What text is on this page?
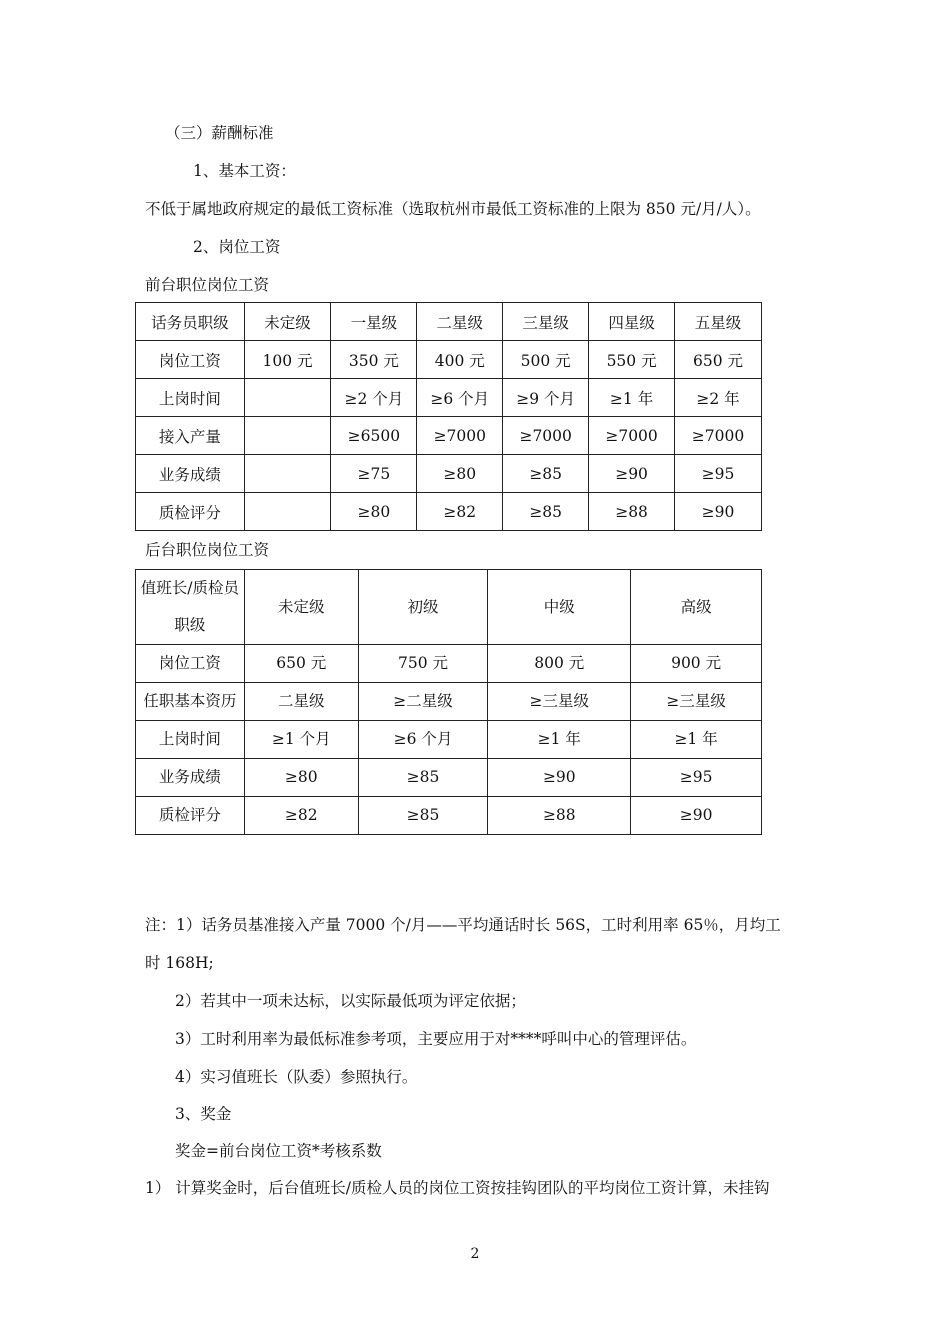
（三）薪酬标准
1、基本工资：
不低于属地政府规定的最低工资标准（选取杭州市最低工资标准的上限为 850 元/月/人）。
2、岗位工资
前台职位岗位工资
话务员职级	未定级	一星级	二星级	三星级	四星级	五星级
岗位工资	100 元	350 元	400 元	500 元	550 元	650 元
上岗时间		≥2 个月	≥6 个月	≥9 个月	≥1 年	≥2 年
接入产量		≥6500	≥7000	≥7000	≥7000	≥7000
业务成绩		≥75	≥80	≥85	≥90	≥95
质检评分		≥80	≥82	≥85	≥88	≥90
后台职位岗位工资
值班长/质检员职级	未定级	初级	中级	高级
岗位工资	650 元	750 元	800 元	900 元
任职基本资历	二星级	≥二星级	≥三星级	≥三星级
上岗时间	≥1 个月	≥6 个月	≥1 年	≥1 年
业务成绩	≥80	≥85	≥90	≥95
质检评分	≥82	≥85	≥88	≥90
注：1）话务员基准接入产量 7000 个/月——平均通话时长 56S，工时利用率 65％，月均工
时 168H;
2）若其中一项未达标，以实际最低项为评定依据；
3）工时利用率为最低标准参考项，主要应用于对****呼叫中心的管理评估。
4）实习值班长（队委）参照执行。
3、奖金
奖金=前台岗位工资*考核系数
1） 计算奖金时，后台值班长/质检人员的岗位工资按挂钩团队的平均岗位工资计算，未挂钩
2
